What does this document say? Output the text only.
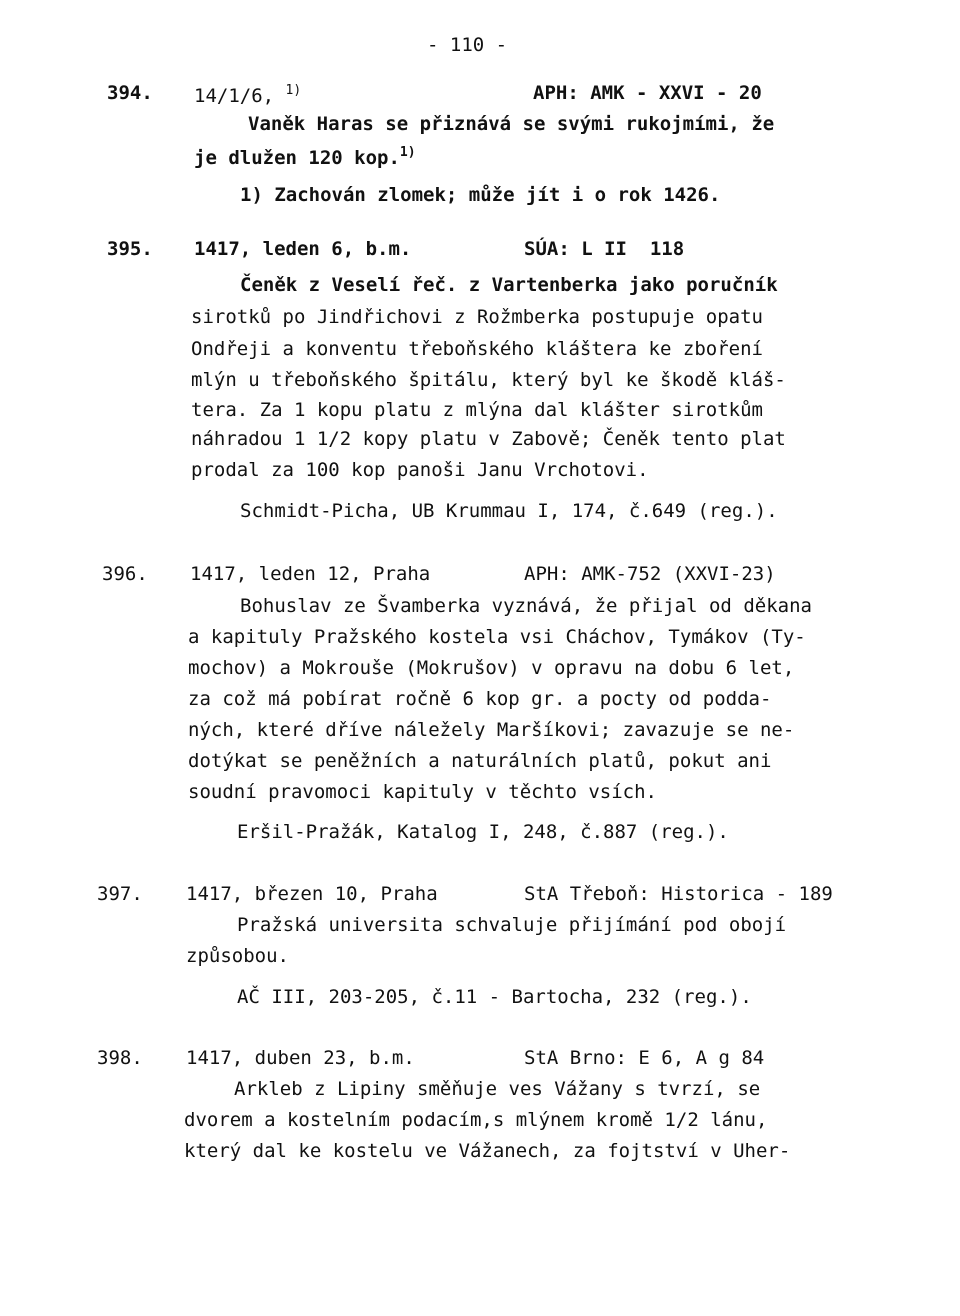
- 110 -
394. 14/1/6, $^{1)}$	APH: AMK - XXVI - 20
Vaněk Haras se přiznává se svými rukojmími, že
je dlužen 120 kop.$^{1)}$
1) Zachován zlomek; může jít i o rok 1426.
395. 1417, leden 6, b.m.	SÚA: L II  118
Čeněk z Veselí řeč. z Vartenberka jako poručník
sirotků po Jindřichovi z Rožmberka postupuje opatu
Ondřeji a konventu třeboňského kláštera ke zboření
mlýn u třeboňského špitálu, který byl ke škodě kláš-
tera. Za 1 kopu platu z mlýna dal klášter sirotkům
náhradou 1 1/2 kopy platu v Zabově; Čeněk tento plat
prodal za 100 kop panoši Janu Vrchotovi.
Schmidt-Picha, UB Krummau I, 174, č.649 (reg.).
396. 1417, leden 12, Praha	APH: AMK-752 (XXVI-23)
Bohuslav ze Švamberka vyznává, že přijal od děkana
a kapituly Pražského kostela vsi Cháchov, Tymákov (Ty-
mochov) a Mokrouše (Mokrušov) v opravu na dobu 6 let,
za což má pobírat ročně 6 kop gr. a pocty od podda-
ných, které dříve náležely Maršíkovi; zavazuje se ne-
dotýkat se peněžních a naturálních platů, pokut ani
soudní pravomoci kapituly v těchto vsích.
Eršil-Pražák, Katalog I, 248, č.887 (reg.).
397. 1417, březen 10, Praha	StA Třeboň: Historica - 189
Pražská universita schvaluje přijímání pod obojí
způsobou.
AČ III, 203-205, č.11 - Bartocha, 232 (reg.).
398. 1417, duben 23, b.m.	StA Brno: E 6, A g 84
Arkleb z Lipiny směňuje ves Vážany s tvrzí, se
dvorem a kostelním podacím,s mlýnem kromě 1/2 lánu,
který dal ke kostelu ve Vážanech, za fojtství v Uher-
